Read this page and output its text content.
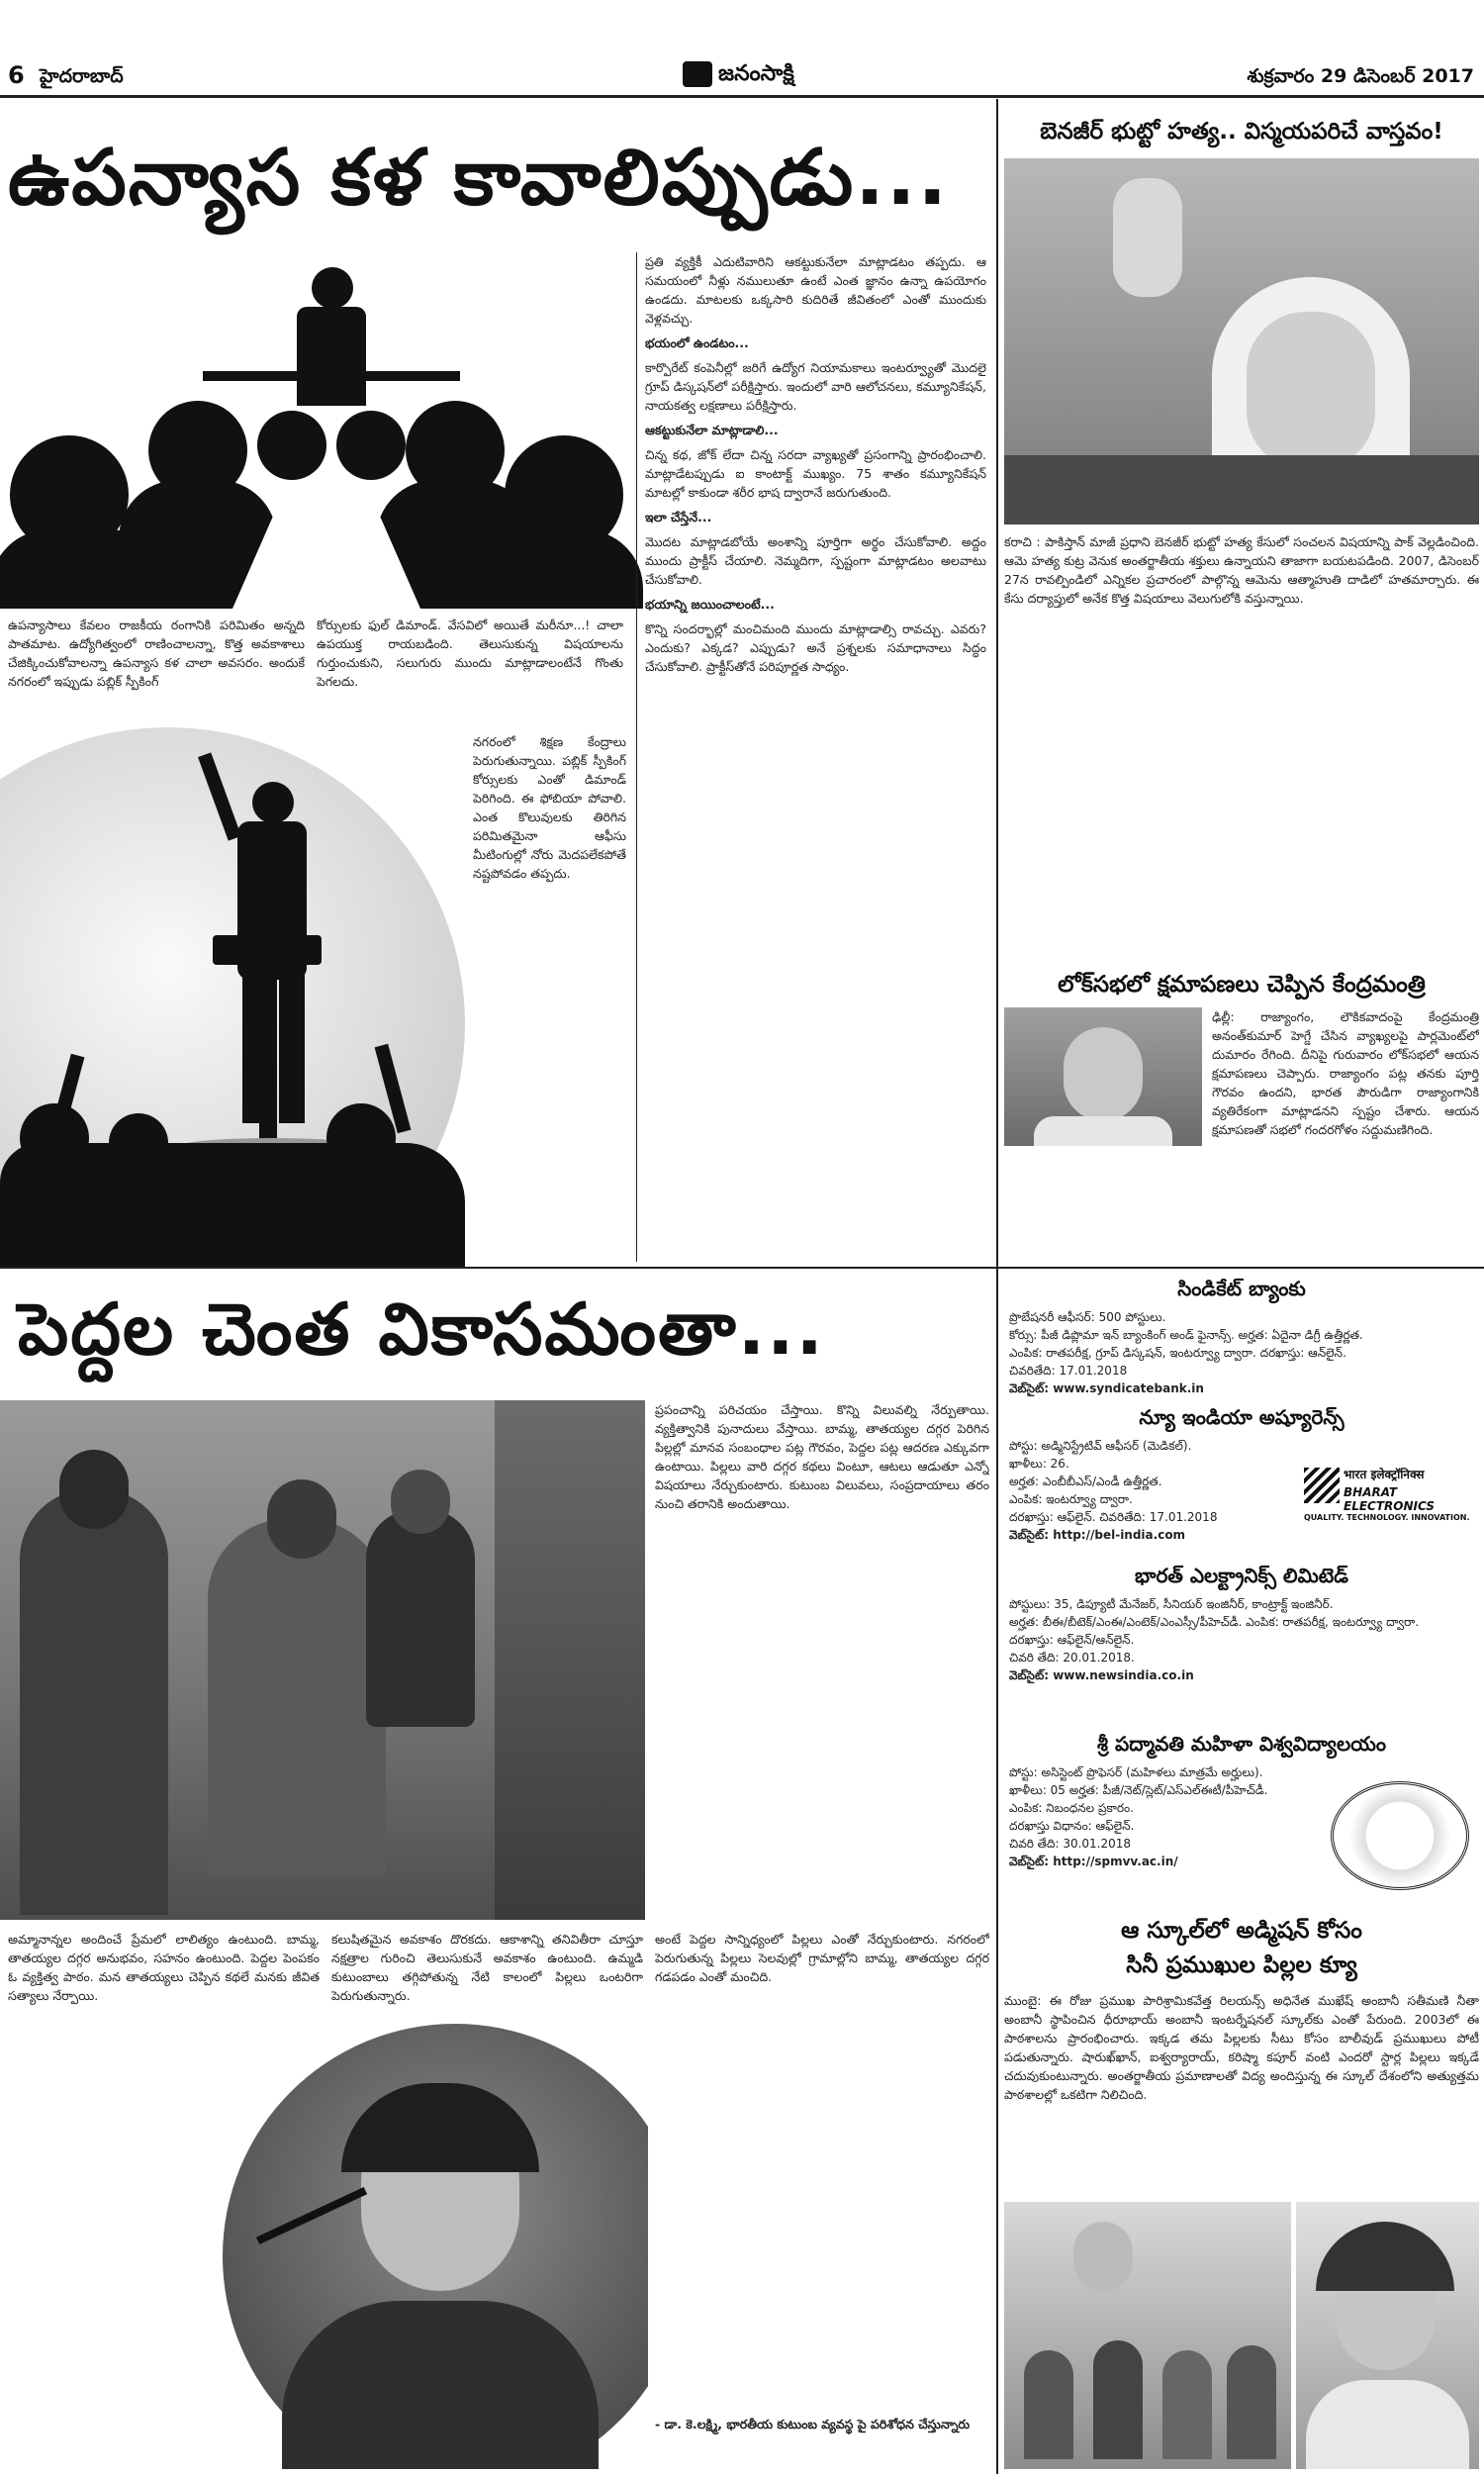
6 హైదరాబాద్	జనంసాక్షి	శుక్రవారం 29 డిసెంబర్ 2017
ఉపన్యాస కళ కావాలిప్పుడు...
ఉపన్యాసాలు కేవలం రాజకీయ రంగానికి పరిమితం అన్నది పాతమాట. ఉద్యోగిత్వంలో రాణించాలన్నా, కొత్త అవకాశాలు చేజిక్కించుకోవాలన్నా ఉపన్యాస కళ చాలా అవసరం. అందుకే నగరంలో ఇప్పుడు పబ్లిక్ స్పీకింగ్
కోర్సులకు ఫుల్ డిమాండ్. వేసవిలో అయితే మరీనూ...! చాలా ఉపయుక్త రాయబడింది. తెలుసుకున్న విషయాలను గుర్తుంచుకుని, సలుగురు ముందు మాట్లాడాలంటేనే గొంతు పెగలదు.
నగరంలో శిక్షణ కేంద్రాలు పెరుగుతున్నాయి. పబ్లిక్ స్పీకింగ్ కోర్సులకు ఎంతో డిమాండ్ పెరిగింది. ఈ ఫోబియా పోవాలి. ఎంత కొలువులకు తిరిగిన పరిమితమైనా ఆఫీసు మీటింగుల్లో నోరు మెదపలేకపోతే నష్టపోవడం తప్పదు.

ప్రతి వ్యక్తికీ ఎదుటివారిని ఆకట్టుకునేలా మాట్లాడటం తప్పదు. ఆ సమయంలో నీళ్లు నములుతూ ఉంటే ఎంత జ్ఞానం ఉన్నా ఉపయోగం ఉండదు. మాటలకు ఒక్కసారి కుదిరితే జీవితంలో ఎంతో ముందుకు వెళ్లవచ్చు.

భయంలో ఉండటం...

కార్పొరేట్ కంపెనీల్లో జరిగే ఉద్యోగ నియామకాలు ఇంటర్వ్యూతో మొదలై గ్రూప్ డిస్కషన్‌లో పరీక్షిస్తారు. ఇందులో వారి ఆలోచనలు, కమ్యూనికేషన్, నాయకత్వ లక్షణాలు పరీక్షిస్తారు.

ఆకట్టుకునేలా మాట్లాడాలి...

చిన్న కథ, జోక్ లేదా చిన్న సరదా వ్యాఖ్యతో ప్రసంగాన్ని ప్రారంభించాలి. మాట్లాడేటప్పుడు ఐ కాంటాక్ట్ ముఖ్యం. 75 శాతం కమ్యూనికేషన్ మాటల్లో కాకుండా శరీర భాష ద్వారానే జరుగుతుంది.

ఇలా చేస్తేనే...

మొదట మాట్లాడబోయే అంశాన్ని పూర్తిగా అర్థం చేసుకోవాలి. అద్దం ముందు ప్రాక్టీస్ చేయాలి. నెమ్మదిగా, స్పష్టంగా మాట్లాడటం అలవాటు చేసుకోవాలి.

భయాన్ని జయించాలంటే...

కొన్ని సందర్భాల్లో మంచిమంది ముందు మాట్లాడాల్సి రావచ్చు. ఎవరు? ఎందుకు? ఎక్కడ? ఎప్పుడు? అనే ప్రశ్నలకు సమాధానాలు సిద్ధం చేసుకోవాలి. ప్రాక్టీస్‌తోనే పరిపూర్ణత సాధ్యం.

బెనజీర్ భుట్టో హత్య.. విస్మయపరిచే వాస్తవం!
కరాచి : పాకిస్తాన్ మాజీ ప్రధాని బెనజీర్ భుట్టో హత్య కేసులో సంచలన విషయాన్ని పాక్ వెల్లడించింది. ఆమె హత్య కుట్ర వెనుక అంతర్జాతీయ శక్తులు ఉన్నాయని తాజాగా బయటపడింది. 2007, డిసెంబర్ 27న రావల్పిండిలో ఎన్నికల ప్రచారంలో పాల్గొన్న ఆమెను ఆత్మాహుతి దాడిలో హతమార్చారు. ఈ కేసు దర్యాప్తులో అనేక కొత్త విషయాలు వెలుగులోకి వస్తున్నాయి.
లోక్‌సభలో క్షమాపణలు చెప్పిన కేంద్రమంత్రి
ఢిల్లీ: రాజ్యాంగం, లౌకికవాదంపై కేంద్రమంత్రి అనంత్‌కుమార్ హెగ్డే చేసిన వ్యాఖ్యలపై పార్లమెంట్‌లో దుమారం రేగింది. దీనిపై గురువారం లోక్‌సభలో ఆయన క్షమాపణలు చెప్పారు. రాజ్యాంగం పట్ల తనకు పూర్తి గౌరవం ఉందని, భారత పౌరుడిగా రాజ్యాంగానికి వ్యతిరేకంగా మాట్లాడనని స్పష్టం చేశారు. ఆయన క్షమాపణతో సభలో గందరగోళం సద్దుమణిగింది.
పెద్దల చెంత వికాసమంతా...
ప్రపంచాన్ని పరిచయం చేస్తాయి. కొన్ని విలువల్ని నేర్పుతాయి. వ్యక్తిత్వానికి పునాదులు వేస్తాయి. బామ్మ, తాతయ్యల దగ్గర పెరిగిన పిల్లల్లో మానవ సంబంధాల పట్ల గౌరవం, పెద్దల పట్ల ఆదరణ ఎక్కువగా ఉంటాయి. పిల్లలు వారి దగ్గర కథలు వింటూ, ఆటలు ఆడుతూ ఎన్నో విషయాలు నేర్చుకుంటారు. కుటుంబ విలువలు, సంప్రదాయాలు తరం నుంచి తరానికి అందుతాయి.
అమ్మానాన్నల అందించే ప్రేమలో లాలిత్యం ఉంటుంది. బామ్మ, తాతయ్యల దగ్గర అనుభవం, సహనం ఉంటుంది. పెద్దల పెంపకం ఓ వ్యక్తిత్వ పాఠం. మన తాతయ్యలు చెప్పిన కథలే మనకు జీవిత సత్యాలు నేర్పాయి.
కలుషితమైన అవకాశం దొరకదు. ఆకాశాన్ని తనివితీరా చూస్తూ నక్షత్రాల గురించి తెలుసుకునే అవకాశం ఉంటుంది. ఉమ్మడి కుటుంబాలు తగ్గిపోతున్న నేటి కాలంలో పిల్లలు ఒంటరిగా పెరుగుతున్నారు.
అంటే పెద్దల సాన్నిధ్యంలో పిల్లలు ఎంతో నేర్చుకుంటారు. నగరంలో పెరుగుతున్న పిల్లలు సెలవుల్లో గ్రామాల్లోని బామ్మ, తాతయ్యల దగ్గర గడపడం ఎంతో మంచిది.
- డా. కె.లక్ష్మి, భారతీయ కుటుంబ వ్యవస్థ పై పరిశోధన చేస్తున్నారు
సిండికేట్ బ్యాంకు
ప్రొబేషనరీ ఆఫీసర్: 500 పోస్టులు.
కోర్సు: పీజీ డిప్లొమా ఇన్ బ్యాంకింగ్ అండ్ ఫైనాన్స్. అర్హత: ఏదైనా డిగ్రీ ఉత్తీర్ణత.
ఎంపిక: రాతపరీక్ష, గ్రూప్ డిస్కషన్, ఇంటర్వ్యూ ద్వారా. దరఖాస్తు: ఆన్‌లైన్.
చివరితేది: 17.01.2018
వెబ్‌సైట్: www.syndicatebank.in
న్యూ ఇండియా అష్యూరెన్స్
పోస్టు: అడ్మినిస్ట్రేటివ్ ఆఫీసర్ (మెడికల్).
ఖాళీలు: 26.
అర్హత: ఎంబీబీఎస్/ఎండీ ఉత్తీర్ణత.
ఎంపిక: ఇంటర్వ్యూ ద్వారా.
దరఖాస్తు: ఆఫ్‌లైన్. చివరితేది: 17.01.2018
వెబ్‌సైట్: http://bel-india.com
भारत इलेक्ट्रॉनिक्स
BHARAT ELECTRONICS
QUALITY. TECHNOLOGY. INNOVATION.
భారత్ ఎలక్ట్రానిక్స్ లిమిటెడ్
పోస్టులు: 35, డిప్యూటీ మేనేజర్, సీనియర్ ఇంజినీర్, కాంట్రాక్ట్ ఇంజినీర్.
అర్హత: బీఈ/బీటెక్/ఎంఈ/ఎంటెక్/ఎంఎస్సీ/పీహెచ్‌డీ. ఎంపిక: రాతపరీక్ష, ఇంటర్వ్యూ ద్వారా.
దరఖాస్తు: ఆఫ్‌లైన్/ఆన్‌లైన్.
చివరి తేది: 20.01.2018.
వెబ్‌సైట్: www.newsindia.co.in
శ్రీ పద్మావతి మహిళా విశ్వవిద్యాలయం
పోస్టు: అసిస్టెంట్ ప్రొఫెసర్ (మహిళలు మాత్రమే అర్హులు).
ఖాళీలు: 05 అర్హత: పీజీ/నెట్/స్లెట్/ఎస్‌ఎల్‌ఈటీ/పీహెచ్‌డీ.
ఎంపిక: నిబంధనల ప్రకారం.
దరఖాస్తు విధానం: ఆఫ్‌లైన్.
చివరి తేది: 30.01.2018
వెబ్‌సైట్: http://spmvv.ac.in/
ఆ స్కూల్‌లో అడ్మిషన్ కోసం
సినీ ప్రముఖుల పిల్లల క్యూ
ముంబై: ఈ రోజు ప్రముఖ పారిశ్రామికవేత్త రిలయన్స్ అధినేత ముఖేష్ అంబానీ సతీమణి నీతా అంబానీ స్థాపించిన ధీరూభాయ్ అంబానీ ఇంటర్నేషనల్ స్కూల్‌కు ఎంతో పేరుంది. 2003లో ఈ పాఠశాలను ప్రారంభించారు. ఇక్కడ తమ పిల్లలకు సీటు కోసం బాలీవుడ్ ప్రముఖులు పోటీ పడుతున్నారు. షారుఖ్‌ఖాన్, ఐశ్వర్యారాయ్, కరిష్మా కపూర్ వంటి ఎందరో స్టార్ల పిల్లలు ఇక్కడే చదువుకుంటున్నారు. అంతర్జాతీయ ప్రమాణాలతో విద్య అందిస్తున్న ఈ స్కూల్ దేశంలోని అత్యుత్తమ పాఠశాలల్లో ఒకటిగా నిలిచింది.
